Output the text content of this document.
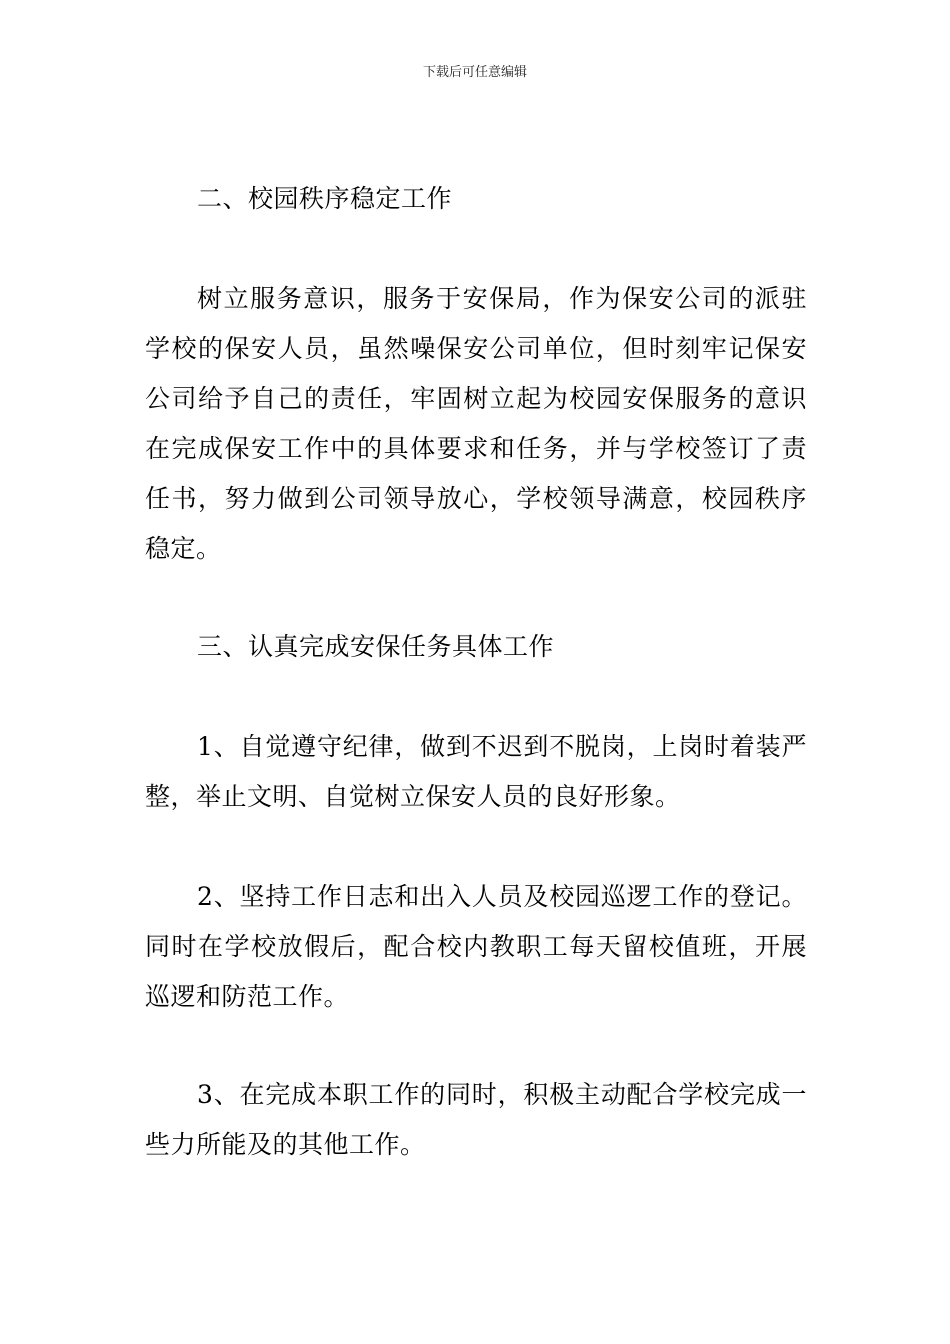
下载后可任意编辑

二、校园秩序稳定工作

树立服务意识，服务于安保局，作为保安公司的派驻学校的保安人员，虽然噪保安公司单位，但时刻牢记保安公司给予自己的责任，牢固树立起为校园安保服务的意识在完成保安工作中的具体要求和任务，并与学校签订了责任书，努力做到公司领导放心，学校领导满意，校园秩序稳定。

三、认真完成安保任务具体工作

1、自觉遵守纪律，做到不迟到不脱岗，上岗时着装严整，举止文明、自觉树立保安人员的良好形象。

2、坚持工作日志和出入人员及校园巡逻工作的登记。同时在学校放假后，配合校内教职工每天留校值班，开展巡逻和防范工作。

3、在完成本职工作的同时，积极主动配合学校完成一些力所能及的其他工作。
